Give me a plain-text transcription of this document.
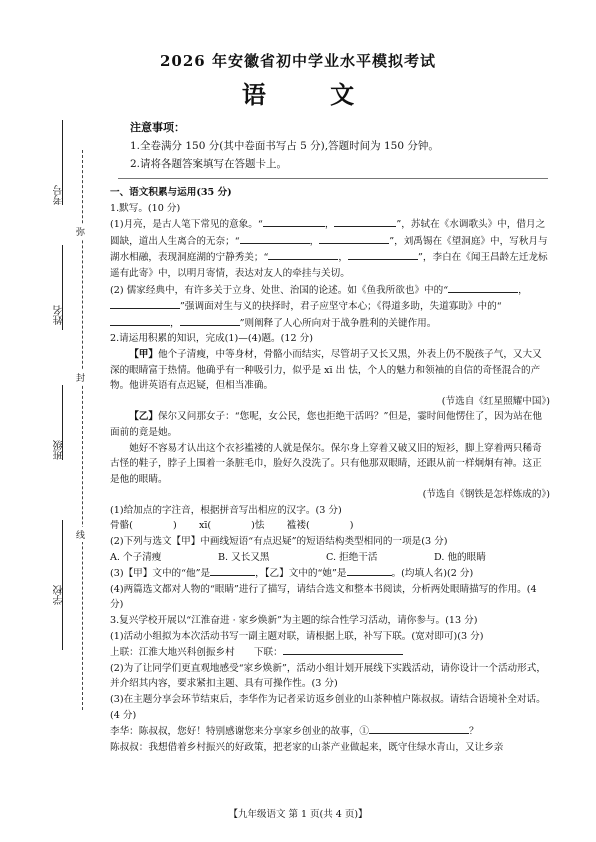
弥
封
线
考号
姓名
班级
学校
2026 年安徽省初中学业水平模拟考试
语 文
注意事项：
1.全卷满分 150 分(其中卷面书写占 5 分),答题时间为 150 分钟。
2.请将各题答案填写在答题卡上。

一、语文积累与运用(35 分)

1.默写。(10 分)

(1)月亮，是古人笔下常见的意象。“	，	”，苏轼在《水调歌头》中，借月之圆缺，道出人生离合的无奈；“	，	”，刘禹锡在《望洞庭》中，写秋月与湖水相融，表现洞庭湖的宁静秀美；“	，	”，李白在《闻王昌龄左迁龙标遥有此寄》中，以明月寄情，表达对友人的牵挂与关切。

(2) 儒家经典中，有许多关于立身、处世、治国的论述。如《鱼我所欲也》中的“	，”强调面对生与义的抉择时，君子应坚守本心；《得道多助，失道寡助》中的“，	”则阐释了人心所向对于战争胜利的关键作用。

2.请运用积累的知识，完成(1)—(4)题。(12 分)

【甲】他个子清瘦，中等身材，骨骼小而结实，尽管胡子又长又黑，外表上仍不脱孩子气，又大又深的眼睛富于热情。他确乎有一种吸引力，似乎是 xī 出 怯，个人的魅力和领袖的自信的奇怪混合的产物。他讲英语有点迟疑，但相当准确。

(节选自《红星照耀中国》)

【乙】保尔又问那女子：“您呢，女公民，您也拒绝干活吗？”但是，霎时间他愣住了，因为站在他面前的竟是她。

她好不容易才认出这个衣衫褴褛的人就是保尔。保尔身上穿着又破又旧的短衫，脚上穿着两只稀奇古怪的鞋子，脖子上围着一条脏毛巾，脸好久没洗了。只有他那双眼睛，还跟从前一样炯炯有神。这正是他的眼睛。

(节选自《钢铁是怎样炼成的》)

(1)给加点的字注音，根据拼音写出相应的汉字。(3 分)

骨骼(	)   xī(	)怯   褴褛(	)

(2)下列与选文【甲】中画线短语“有点迟疑”的短语结构类型相同的一项是(3 分)

A. 个子清瘦	B. 又长又黑	C. 拒绝干活	D. 他的眼睛

(3)【甲】文中的“他”是	，【乙】文中的“她”是	。(均填人名)(2 分)

(4)两篇选文都对人物的“眼睛”进行了描写，请结合选文和整本书阅读，分析两处眼睛描写的作用。(4 分)

3.复兴学校开展以“江淮奋进 · 家乡焕新”为主题的综合性学习活动，请你参与。(13 分)

(1)活动小组拟为本次活动书写一副主题对联，请根据上联，补写下联。(宽对即可)(3 分)

上联：江淮大地兴科创振乡村   下联：

(2)为了让同学们更直观地感受“家乡焕新”，活动小组计划开展线下实践活动，请你设计一个活动形式，并介绍其内容，要求紧扣主题、具有可操作性。(3 分)

(3)在主题分享会环节结束后，李华作为记者采访返乡创业的山茶种植户陈叔叔。请结合语境补全对话。(4 分)

李华：陈叔叔，您好！特别感谢您来分享家乡创业的故事，①	？

陈叔叔：我想借着乡村振兴的好政策，把老家的山茶产业做起来，既守住绿水青山，又让乡亲

【九年级语文 第 1 页(共 4 页)】
